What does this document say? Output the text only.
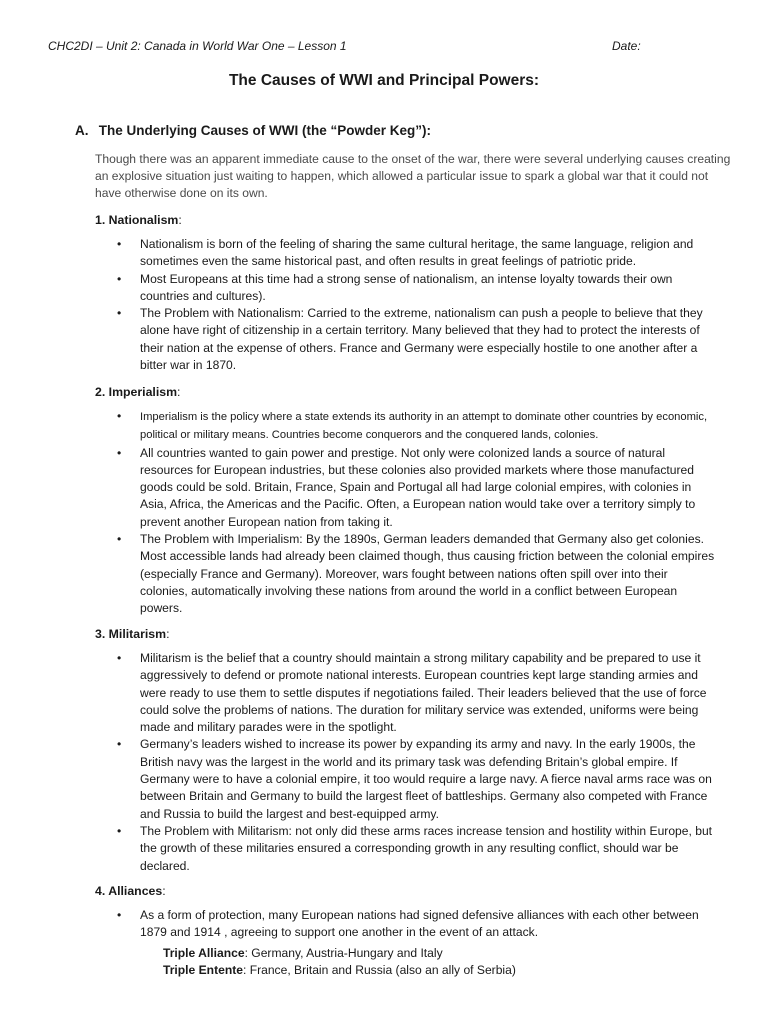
CHC2DI – Unit 2: Canada in World War One – Lesson 1	Date:
The Causes of WWI and Principal Powers:
A. The Underlying Causes of WWI (the “Powder Keg”):
Though there was an apparent immediate cause to the onset of the war, there were several underlying causes creating an explosive situation just waiting to happen, which allowed a particular issue to spark a global war that it could not have otherwise done on its own.
1. Nationalism:
• Nationalism is born of the feeling of sharing the same cultural heritage, the same language, religion and sometimes even the same historical past, and often results in great feelings of patriotic pride.
• Most Europeans at this time had a strong sense of nationalism, an intense loyalty towards their own countries and cultures).
• The Problem with Nationalism: Carried to the extreme, nationalism can push a people to believe that they alone have right of citizenship in a certain territory. Many believed that they had to protect the interests of their nation at the expense of others. France and Germany were especially hostile to one another after a bitter war in 1870.
2. Imperialism:
• Imperialism is the policy where a state extends its authority in an attempt to dominate other countries by economic, political or military means. Countries become conquerors and the conquered lands, colonies.
• All countries wanted to gain power and prestige. Not only were colonized lands a source of natural resources for European industries, but these colonies also provided markets where those manufactured goods could be sold. Britain, France, Spain and Portugal all had large colonial empires, with colonies in Asia, Africa, the Americas and the Pacific. Often, a European nation would take over a territory simply to prevent another European nation from taking it.
• The Problem with Imperialism: By the 1890s, German leaders demanded that Germany also get colonies. Most accessible lands had already been claimed though, thus causing friction between the colonial empires (especially France and Germany). Moreover, wars fought between nations often spill over into their colonies, automatically involving these nations from around the world in a conflict between European powers.
3. Militarism:
• Militarism is the belief that a country should maintain a strong military capability and be prepared to use it aggressively to defend or promote national interests. European countries kept large standing armies and were ready to use them to settle disputes if negotiations failed. Their leaders believed that the use of force could solve the problems of nations. The duration for military service was extended, uniforms were being made and military parades were in the spotlight.
• Germany’s leaders wished to increase its power by expanding its army and navy. In the early 1900s, the British navy was the largest in the world and its primary task was defending Britain’s global empire. If Germany were to have a colonial empire, it too would require a large navy. A fierce naval arms race was on between Britain and Germany to build the largest fleet of battleships. Germany also competed with France and Russia to build the largest and best-equipped army.
• The Problem with Militarism: not only did these arms races increase tension and hostility within Europe, but the growth of these militaries ensured a corresponding growth in any resulting conflict, should war be declared.
4. Alliances:
• As a form of protection, many European nations had signed defensive alliances with each other between 1879 and 1914 , agreeing to support one another in the event of an attack.
Triple Alliance: Germany, Austria-Hungary and Italy
Triple Entente: France, Britain and Russia (also an ally of Serbia)
